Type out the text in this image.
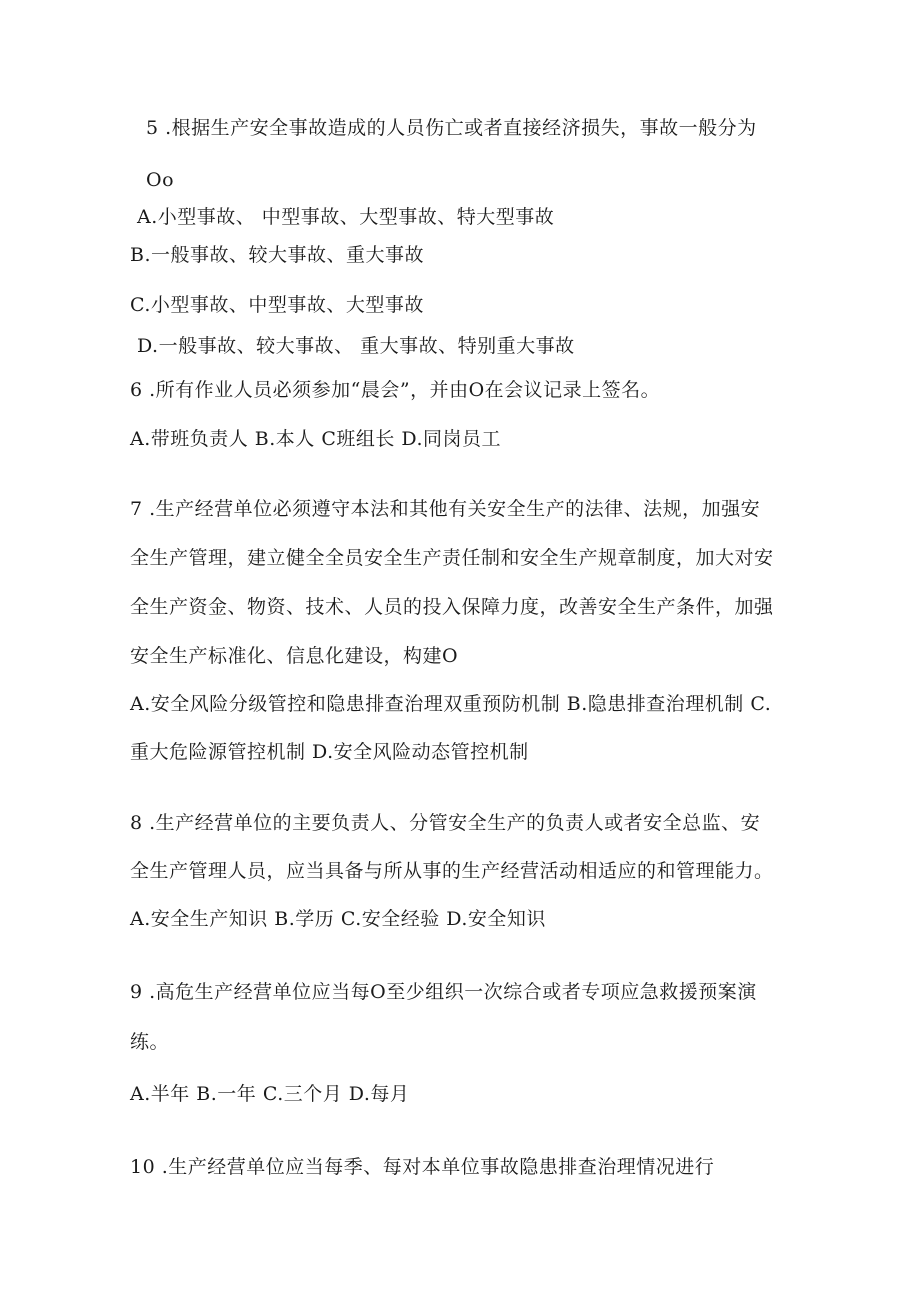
5 .根据生产安全事故造成的人员伤亡或者直接经济损失，事故一般分为
Oo
A.小型事故、 中型事故、大型事故、特大型事故
B.一般事故、较大事故、重大事故
C.小型事故、中型事故、大型事故
D.一般事故、较大事故、 重大事故、特别重大事故
6 .所有作业人员必须参加“晨会”，并由O在会议记录上签名。
A.带班负责人 B.本人 C班组长 D.同岗员工
7 .生产经营单位必须遵守本法和其他有关安全生产的法律、法规，加强安
全生产管理，建立健全全员安全生产责任制和安全生产规章制度，加大对安
全生产资金、物资、技术、人员的投入保障力度，改善安全生产条件，加强
安全生产标准化、信息化建设，构建O
A.安全风险分级管控和隐患排查治理双重预防机制 B.隐患排查治理机制 C.
重大危险源管控机制 D.安全风险动态管控机制
8 .生产经营单位的主要负责人、分管安全生产的负责人或者安全总监、安
全生产管理人员，应当具备与所从事的生产经营活动相适应的和管理能力。
A.安全生产知识 B.学历 C.安全经验 D.安全知识
9 .高危生产经营单位应当每O至少组织一次综合或者专项应急救援预案演
练。
A.半年 B.一年 C.三个月 D.每月
10 .生产经营单位应当每季、每对本单位事故隐患排查治理情况进行
